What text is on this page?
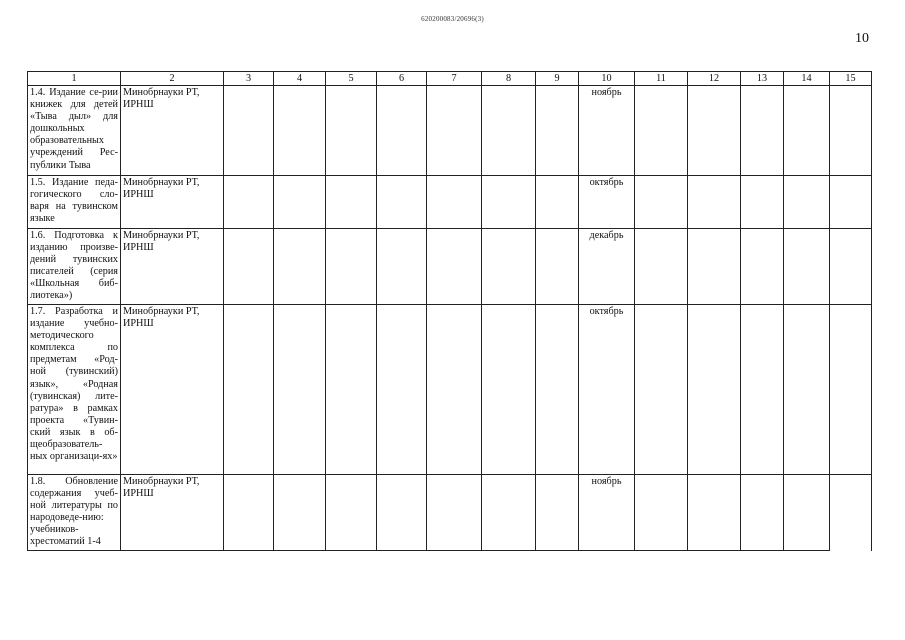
620200083/20696(3)
10
1	2	3	4	5	6	7	8	9	10	11	12	13	14	15
1.4. Издание се-рии книжек для детей «Тыва дыл» для дошкольных образовательных учреждений Рес-публики Тыва	Минобрнауки РТ, ИРНШ								ноябрь					
1.5. Издание педа-гогического сло-варя на тувинском языке	Минобрнауки РТ, ИРНШ								октябрь					
1.6. Подготовка к изданию произве-дений тувинских писателей (серия «Школьная биб-лиотека»)	Минобрнауки РТ, ИРНШ								декабрь					
1.7. Разработка и издание учебно-методического комплекса по предметам «Род-ной (тувинский) язык», «Родная (тувинская) лите-ратура» в рамках проекта «Тувин-ский язык в об-щеобразователь-ных организаци-ях»	Минобрнауки РТ, ИРНШ								октябрь					
1.8. Обновление содержания учеб-ной литературы по народоведе-нию: учебников-хрестоматий 1-4	Минобрнауки РТ, ИРНШ								ноябрь					
